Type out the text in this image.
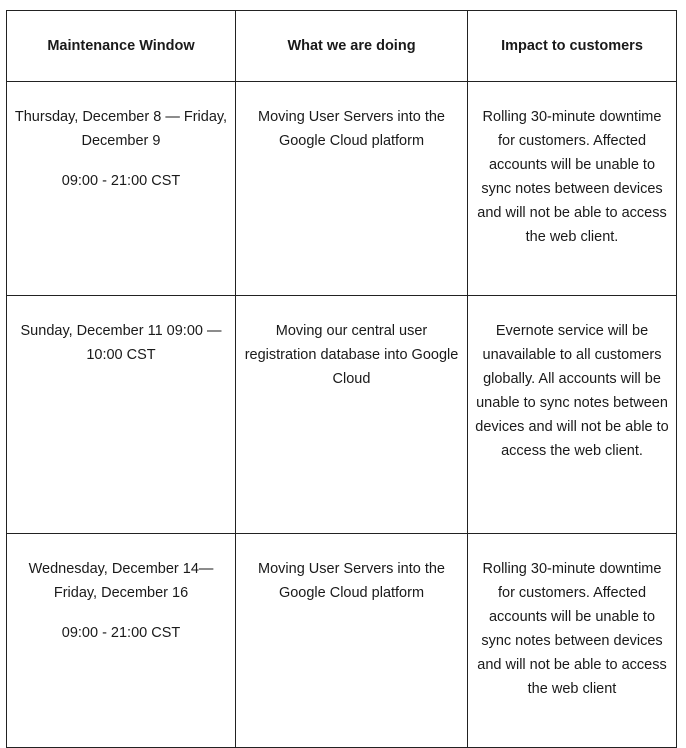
Maintenance Window	What we are doing	Impact to customers

Thursday, December 8 — Friday, December 9
09:00 - 21:00 CST	Moving User Servers into the Google Cloud platform	Rolling 30-minute downtime for customers. Affected accounts will be unable to sync notes between devices and will not be able to access the web client.

Sunday, December 11 09:00 — 10:00 CST	Moving our central user registration database into Google Cloud	Evernote service will be unavailable to all customers globally. All accounts will be unable to sync notes between devices and will not be able to access the web client.

Wednesday, December 14— Friday, December 16
09:00 - 21:00 CST	Moving User Servers into the Google Cloud platform	Rolling 30-minute downtime for customers. Affected accounts will be unable to sync notes between devices and will not be able to access the web client
